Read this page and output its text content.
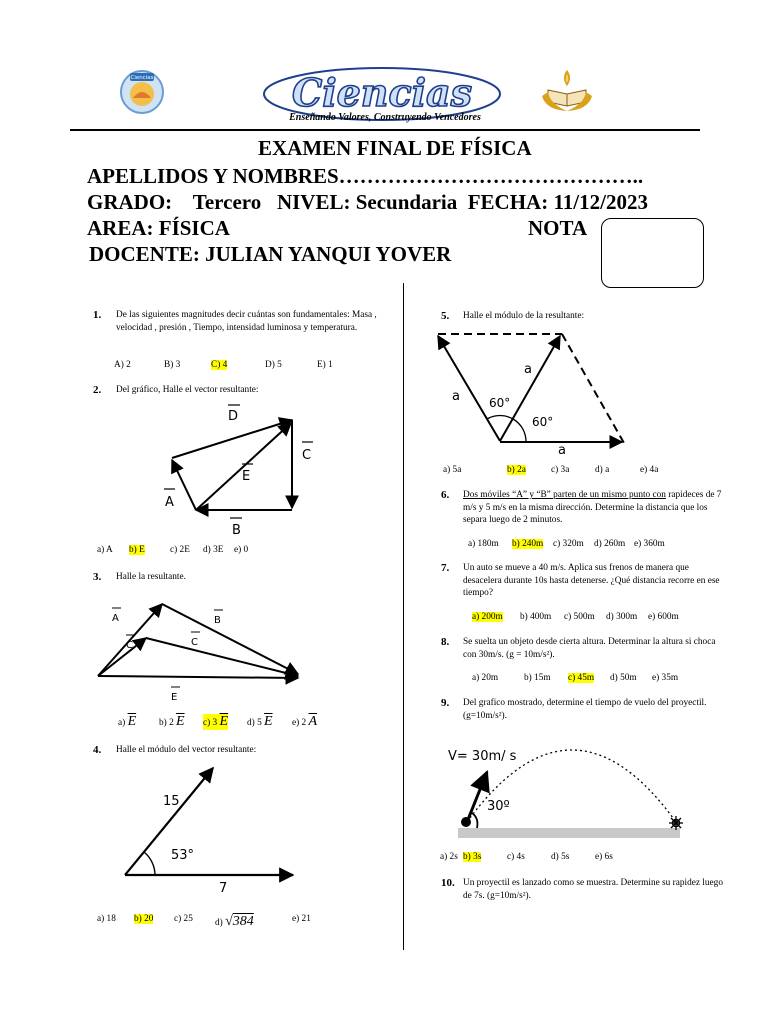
Ciencias	Ciencias
Enseñando Valores, Construyendo Vencedores
EXAMEN FINAL DE FÍSICA
APELLIDOS Y NOMBRES……………………………………..
GRADO:    Tercero   NIVEL: Secundaria  FECHA: 11/12/2023
AREA: FÍSICA	NOTA
DOCENTE: JULIAN YANQUI YOVER
1. De las siguientes magnitudes decir cuántas son fundamentales: Masa , velocidad , presión , Tiempo, intensidad luminosa y temperatura.
A) 2	B) 3	C) 4	D) 5	E) 1
2. Del gráfico, Halle el vector resultante:
D
C
E
A
B
a) A b) E	c) 2E d) 3E e) 0
3. Halle la resultante.
A	B
C	C
E
a) $\overline{E}$ b) 2 $\overline{E}$ c) 3 $\overline{E}$ d) 5 $\overline{E}$ e) 2 $\overline{A}$
4. Halle el módulo del vector resultante:
15
53°
7
a) 18 b) 20 c) 25 d) √384	e) 21
5. Halle el módulo de la resultante:
a
a
60°
60°
a
a) 5a	b) 2a	c) 3a	d) a	e) 4a
6. Dos móviles “A” y “B” parten de un mismo punto con rapideces de 7 m/s y 5 m/s en la misma dirección. Determine la distancia que los separa luego de 2 minutos.
a) 180m b) 240m c) 320m d) 260m e) 360m
7. Un auto se mueve a 40 m/s. Aplica sus frenos de manera que desacelera durante 10s hasta detenerse. ¿Qué distancia recorre en ese tiempo?
a) 200m b) 400m c) 500m d) 300m e) 600m
8. Se suelta un objeto desde cierta altura. Determinar la altura si choca con 30m/s. (g = 10m/s²).
a) 20m	b) 15m c) 45m d) 50m e) 35m
9. Del grafico mostrado, determine el tiempo de vuelo del proyectil. (g=10m/s²).
V= 30m/ s
30º
a) 2s b) 3s	c) 4s	d) 5s	e) 6s
10. Un proyectil es lanzado como se muestra. Determine su rapidez luego de 7s. (g=10m/s²).
